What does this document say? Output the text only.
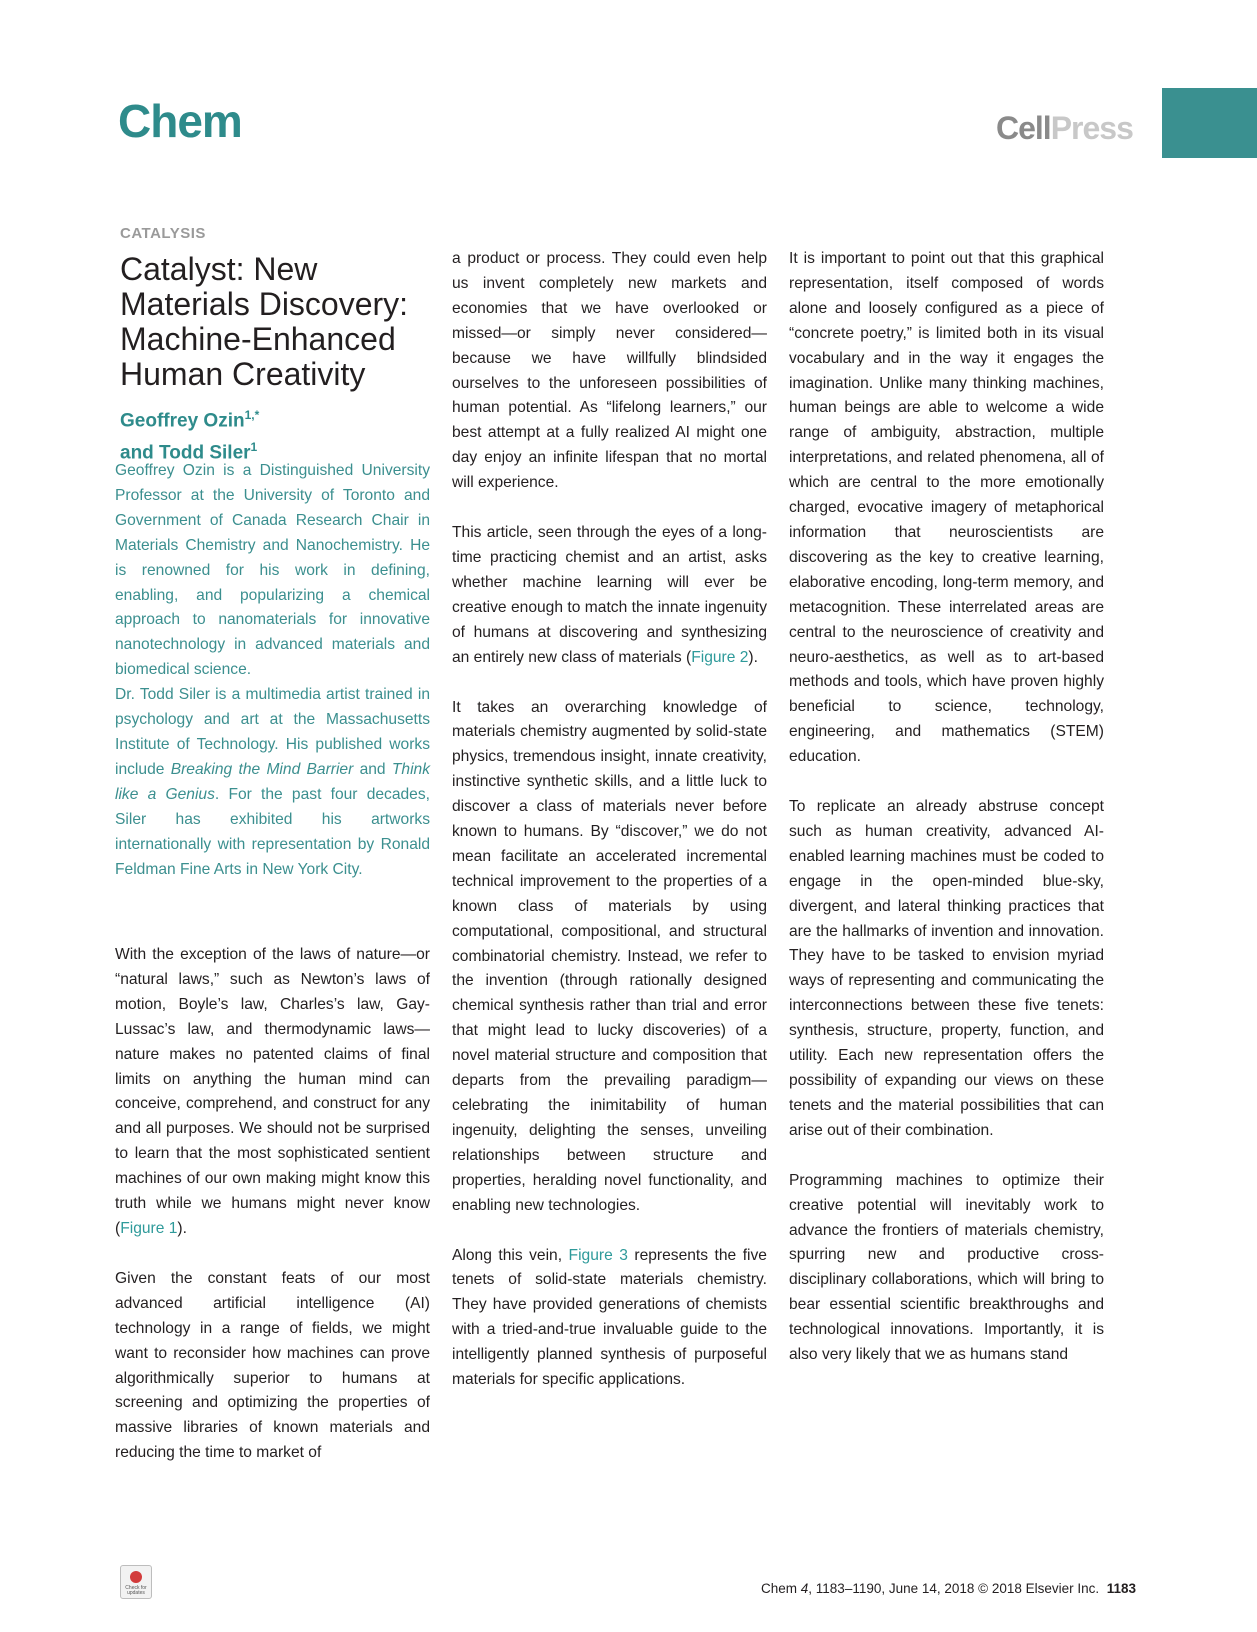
Chem	CellPress
CATALYSIS
Catalyst: New Materials Discovery: Machine-Enhanced Human Creativity
Geoffrey Ozin$^{1,*}$
and Todd Siler$^1$

Geoffrey Ozin is a Distinguished University Professor at the University of Toronto and Government of Canada Research Chair in Materials Chemistry and Nanochemistry. He is renowned for his work in defining, enabling, and popularizing a chemical approach to nanomaterials for innovative nanotechnology in advanced materials and biomedical science.

Dr. Todd Siler is a multimedia artist trained in psychology and art at the Massachusetts Institute of Technology. His published works include Breaking the Mind Barrier and Think like a Genius. For the past four decades, Siler has exhibited his artworks internationally with representation by Ronald Feldman Fine Arts in New York City.

With the exception of the laws of nature—or “natural laws,” such as Newton’s laws of motion, Boyle’s law, Charles’s law, Gay-Lussac’s law, and thermodynamic laws—nature makes no patented claims of final limits on anything the human mind can conceive, comprehend, and construct for any and all purposes. We should not be surprised to learn that the most sophisticated sentient machines of our own making might know this truth while we humans might never know (Figure 1).

Given the constant feats of our most advanced artificial intelligence (AI) technology in a range of fields, we might want to reconsider how machines can prove algorithmically superior to humans at screening and optimizing the properties of massive libraries of known materials and reducing the time to market of

a product or process. They could even help us invent completely new markets and economies that we have overlooked or missed—or simply never considered—because we have willfully blindsided ourselves to the unforeseen possibilities of human potential. As “lifelong learners,” our best attempt at a fully realized AI might one day enjoy an infinite lifespan that no mortal will experience.

This article, seen through the eyes of a long-time practicing chemist and an artist, asks whether machine learning will ever be creative enough to match the innate ingenuity of humans at discovering and synthesizing an entirely new class of materials (Figure 2).

It takes an overarching knowledge of materials chemistry augmented by solid-state physics, tremendous insight, innate creativity, instinctive synthetic skills, and a little luck to discover a class of materials never before known to humans. By “discover,” we do not mean facilitate an accelerated incremental technical improvement to the properties of a known class of materials by using computational, compositional, and structural combinatorial chemistry. Instead, we refer to the invention (through rationally designed chemical synthesis rather than trial and error that might lead to lucky discoveries) of a novel material structure and composition that departs from the prevailing paradigm—celebrating the inimitability of human ingenuity, delighting the senses, unveiling relationships between structure and properties, heralding novel functionality, and enabling new technologies.

Along this vein, Figure 3 represents the five tenets of solid-state materials chemistry. They have provided generations of chemists with a tried-and-true invaluable guide to the intelligently planned synthesis of purposeful materials for specific applications.

It is important to point out that this graphical representation, itself composed of words alone and loosely configured as a piece of “concrete poetry,” is limited both in its visual vocabulary and in the way it engages the imagination. Unlike many thinking machines, human beings are able to welcome a wide range of ambiguity, abstraction, multiple interpretations, and related phenomena, all of which are central to the more emotionally charged, evocative imagery of metaphorical information that neuroscientists are discovering as the key to creative learning, elaborative encoding, long-term memory, and metacognition. These interrelated areas are central to the neuroscience of creativity and neuro-aesthetics, as well as to art-based methods and tools, which have proven highly beneficial to science, technology, engineering, and mathematics (STEM) education.

To replicate an already abstruse concept such as human creativity, advanced AI-enabled learning machines must be coded to engage in the open-minded blue-sky, divergent, and lateral thinking practices that are the hallmarks of invention and innovation. They have to be tasked to envision myriad ways of representing and communicating the interconnections between these five tenets: synthesis, structure, property, function, and utility. Each new representation offers the possibility of expanding our views on these tenets and the material possibilities that can arise out of their combination.

Programming machines to optimize their creative potential will inevitably work to advance the frontiers of materials chemistry, spurring new and productive cross-disciplinary collaborations, which will bring to bear essential scientific breakthroughs and technological innovations. Importantly, it is also very likely that we as humans stand

Check for updates	Chem 4, 1183–1190, June 14, 2018 © 2018 Elsevier Inc. 1183
